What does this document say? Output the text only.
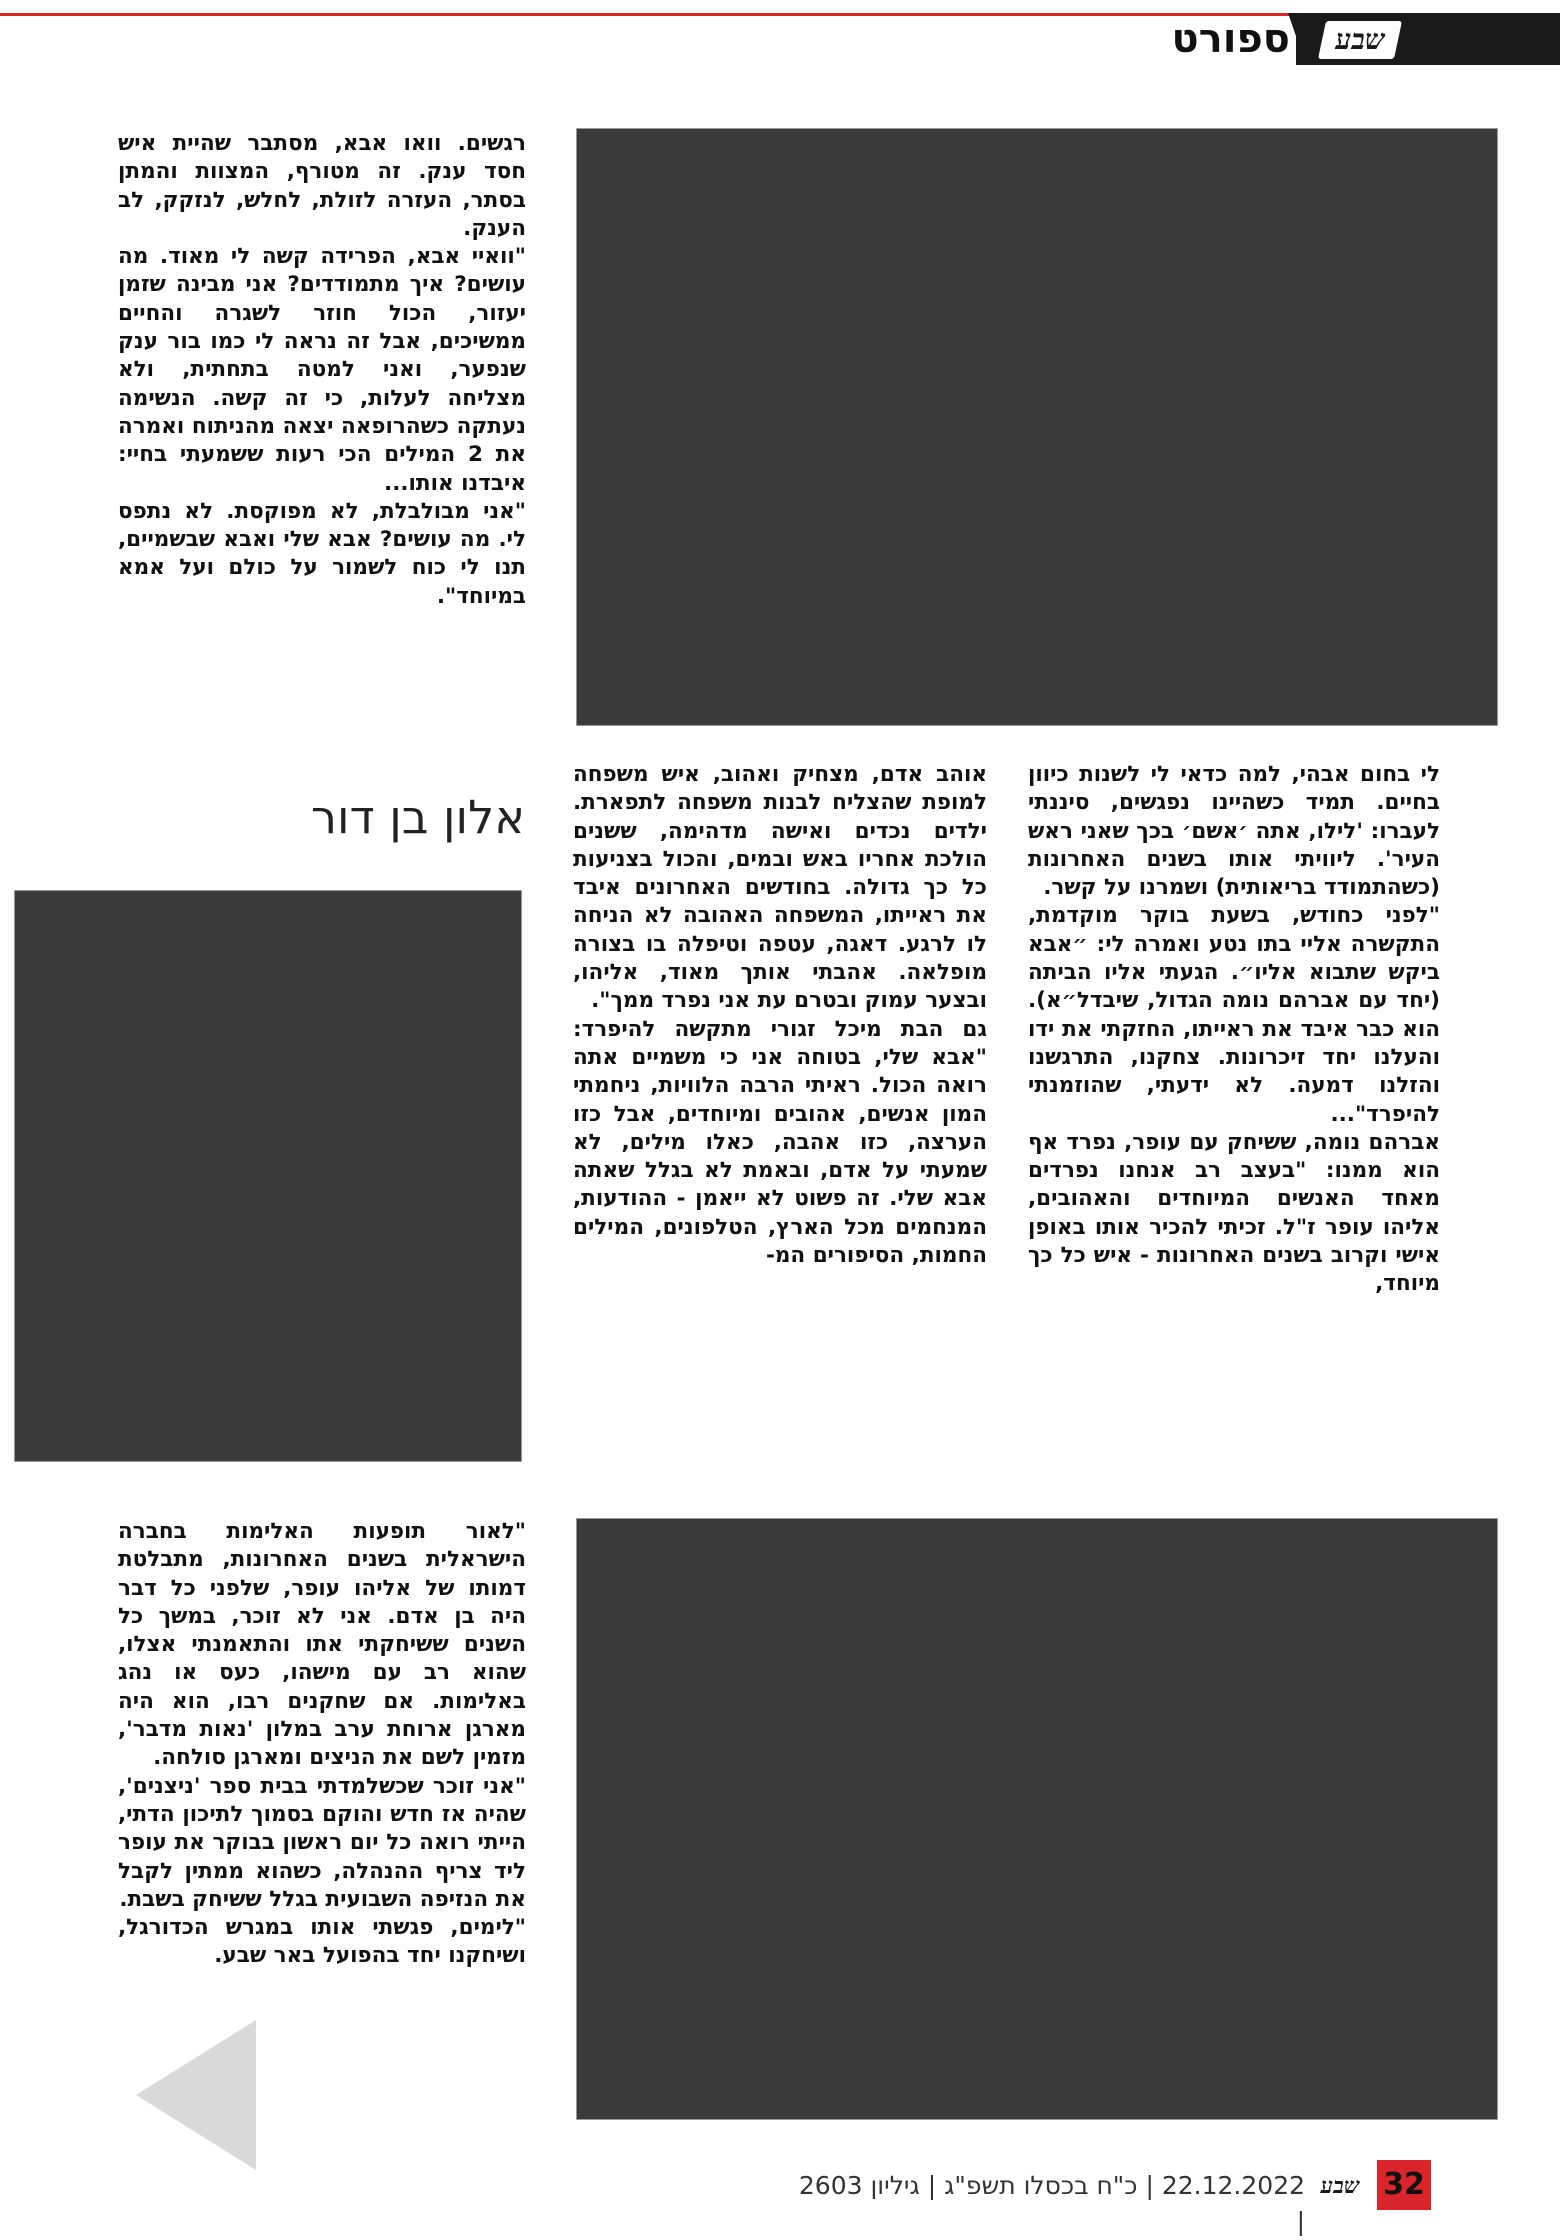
שבע
ספורט

רגשים. וואו אבא, מסתבר שהיית איש חסד ענק. זה מטורף, המצוות והמתן בסתר, העזרה לזולת, לחלש, לנזקק, לב הענק.

"וואיי אבא, הפרידה קשה לי מאוד. מה עושים? איך מתמודדים? אני מבינה שזמן יעזור, הכול חוזר לשגרה והחיים ממשיכים, אבל זה נראה לי כמו בור ענק שנפער, ואני למטה בתחתית, ולא מצליחה לעלות, כי זה קשה. הנשימה נעתקה כשהרופאה יצאה מהניתוח ואמרה את 2 המילים הכי רעות ששמעתי בחיי: איבדנו אותו...

"אני מבולבלת, לא מפוקסת. לא נתפס לי. מה עושים? אבא שלי ואבא שבשמיים, תנו לי כוח לשמור על כולם ועל אמא במיוחד".

אלון בן דור

לי בחום אבהי, למה כדאי לי לשנות כיוון בחיים. תמיד כשהיינו נפגשים, סיננתי לעברו: 'לילו, אתה ׳אשם׳ בכך שאני ראש העיר'. ליוויתי אותו בשנים האחרונות (כשהתמודד בריאותית) ושמרנו על קשר.

"לפני כחודש, בשעת בוקר מוקדמת, התקשרה אליי בתו נטע ואמרה לי: ״אבא ביקש שתבוא אליו״. הגעתי אליו הביתה (יחד עם אברהם נומה הגדול, שיבדל״א). הוא כבר איבד את ראייתו, החזקתי את ידו והעלנו יחד זיכרונות. צחקנו, התרגשנו והזלנו דמעה. לא ידעתי, שהוזמנתי להיפרד"...

אברהם נומה, ששיחק עם עופר, נפרד אף הוא ממנו: "בעצב רב אנחנו נפרדים מאחד האנשים המיוחדים והאהובים, אליהו עופר ז"ל. זכיתי להכיר אותו באופן אישי וקרוב בשנים האחרונות - איש כל כך מיוחד,

אוהב אדם, מצחיק ואהוב, איש משפחה למופת שהצליח לבנות משפחה לתפארת. ילדים נכדים ואישה מדהימה, ששנים הולכת אחריו באש ובמים, והכול בצניעות כל כך גדולה. בחודשים האחרונים איבד את ראייתו, המשפחה האהובה לא הניחה לו לרגע. דאגה, עטפה וטיפלה בו בצורה מופלאה. אהבתי אותך מאוד, אליהו, ובצער עמוק ובטרם עת אני נפרד ממך".

גם הבת מיכל זגורי מתקשה להיפרד: "אבא שלי, בטוחה אני כי משמיים אתה רואה הכול. ראיתי הרבה הלוויות, ניחמתי המון אנשים, אהובים ומיוחדים, אבל כזו הערצה, כזו אהבה, כאלו מילים, לא שמעתי על אדם, ובאמת לא בגלל שאתה אבא שלי. זה פשוט לא ייאמן - ההודעות, המנחמים מכל הארץ, הטלפונים, המילים החמות, הסיפורים המ-

"לאור תופעות האלימות בחברה הישראלית בשנים האחרונות, מתבלטת דמותו של אליהו עופר, שלפני כל דבר היה בן אדם. אני לא זוכר, במשך כל השנים ששיחקתי אתו והתאמנתי אצלו, שהוא רב עם מישהו, כעס או נהג באלימות. אם שחקנים רבו, הוא היה מארגן ארוחת ערב במלון 'נאות מדבר', מזמין לשם את הניצים ומארגן סולחה.

"אני זוכר שכשלמדתי בבית ספר 'ניצנים', שהיה אז חדש והוקם בסמוך לתיכון הדתי, הייתי רואה כל יום ראשון בבוקר את עופר ליד צריף ההנהלה, כשהוא ממתין לקבל את הנזיפה השבועית בגלל ששיחק בשבת.

"לימים, פגשתי אותו במגרש הכדורגל, ושיחקנו יחד בהפועל באר שבע.

32
שבע
22.12.2022 | כ"ח בכסלו תשפ"ג | גיליון 2603 |
